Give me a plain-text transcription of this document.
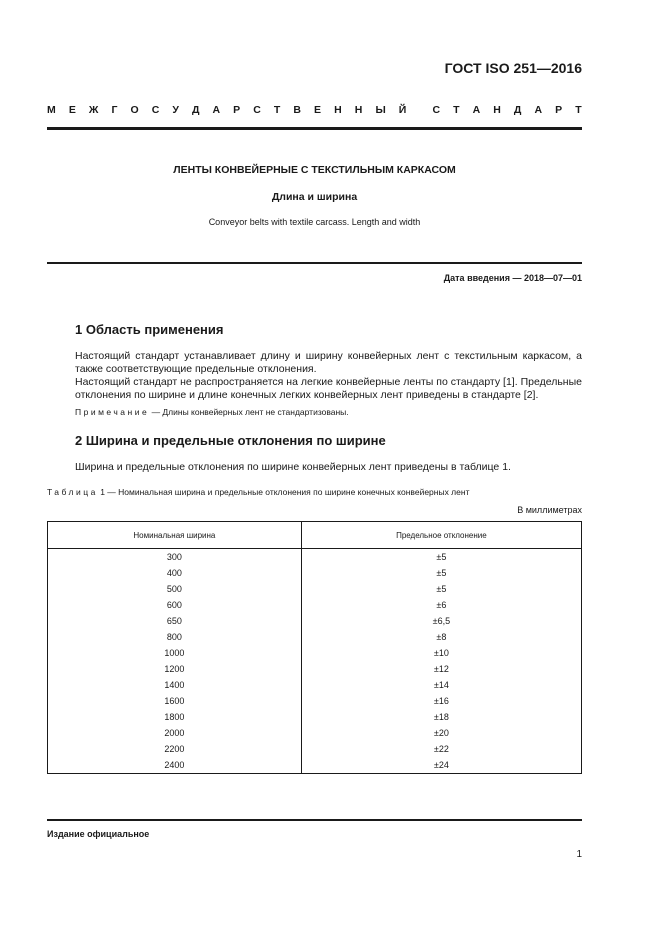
ГОСТ ISO 251—2016
М Е Ж Г О С У Д А Р С Т В Е Н Н Ы Й С Т А Н Д А Р Т
ЛЕНТЫ КОНВЕЙЕРНЫЕ С ТЕКСТИЛЬНЫМ КАРКАСОМ
Длина и ширина
Conveyor belts with textile carcass. Length and width
Дата введения — 2018—07—01
1 Область применения
Настоящий стандарт устанавливает длину и ширину конвейерных лент с текстильным каркасом, а также соответствующие предельные отклонения.
Настоящий стандарт не распространяется на легкие конвейерные ленты по стандарту [1]. Предельные отклонения по ширине и длине конечных легких конвейерных лент приведены в стандарте [2].
Примечание — Длины конвейерных лент не стандартизованы.
2 Ширина и предельные отклонения по ширине
Ширина и предельные отклонения по ширине конвейерных лент приведены в таблице 1.
Таблица 1 — Номинальная ширина и предельные отклонения по ширине конечных конвейерных лент
В миллиметрах
Номинальная ширина	Предельное отклонение
300	±5
400	±5
500	±5
600	±6
650	±6,5
800	±8
1000	±10
1200	±12
1400	±14
1600	±16
1800	±18
2000	±20
2200	±22
2400	±24
Издание официальное
1
